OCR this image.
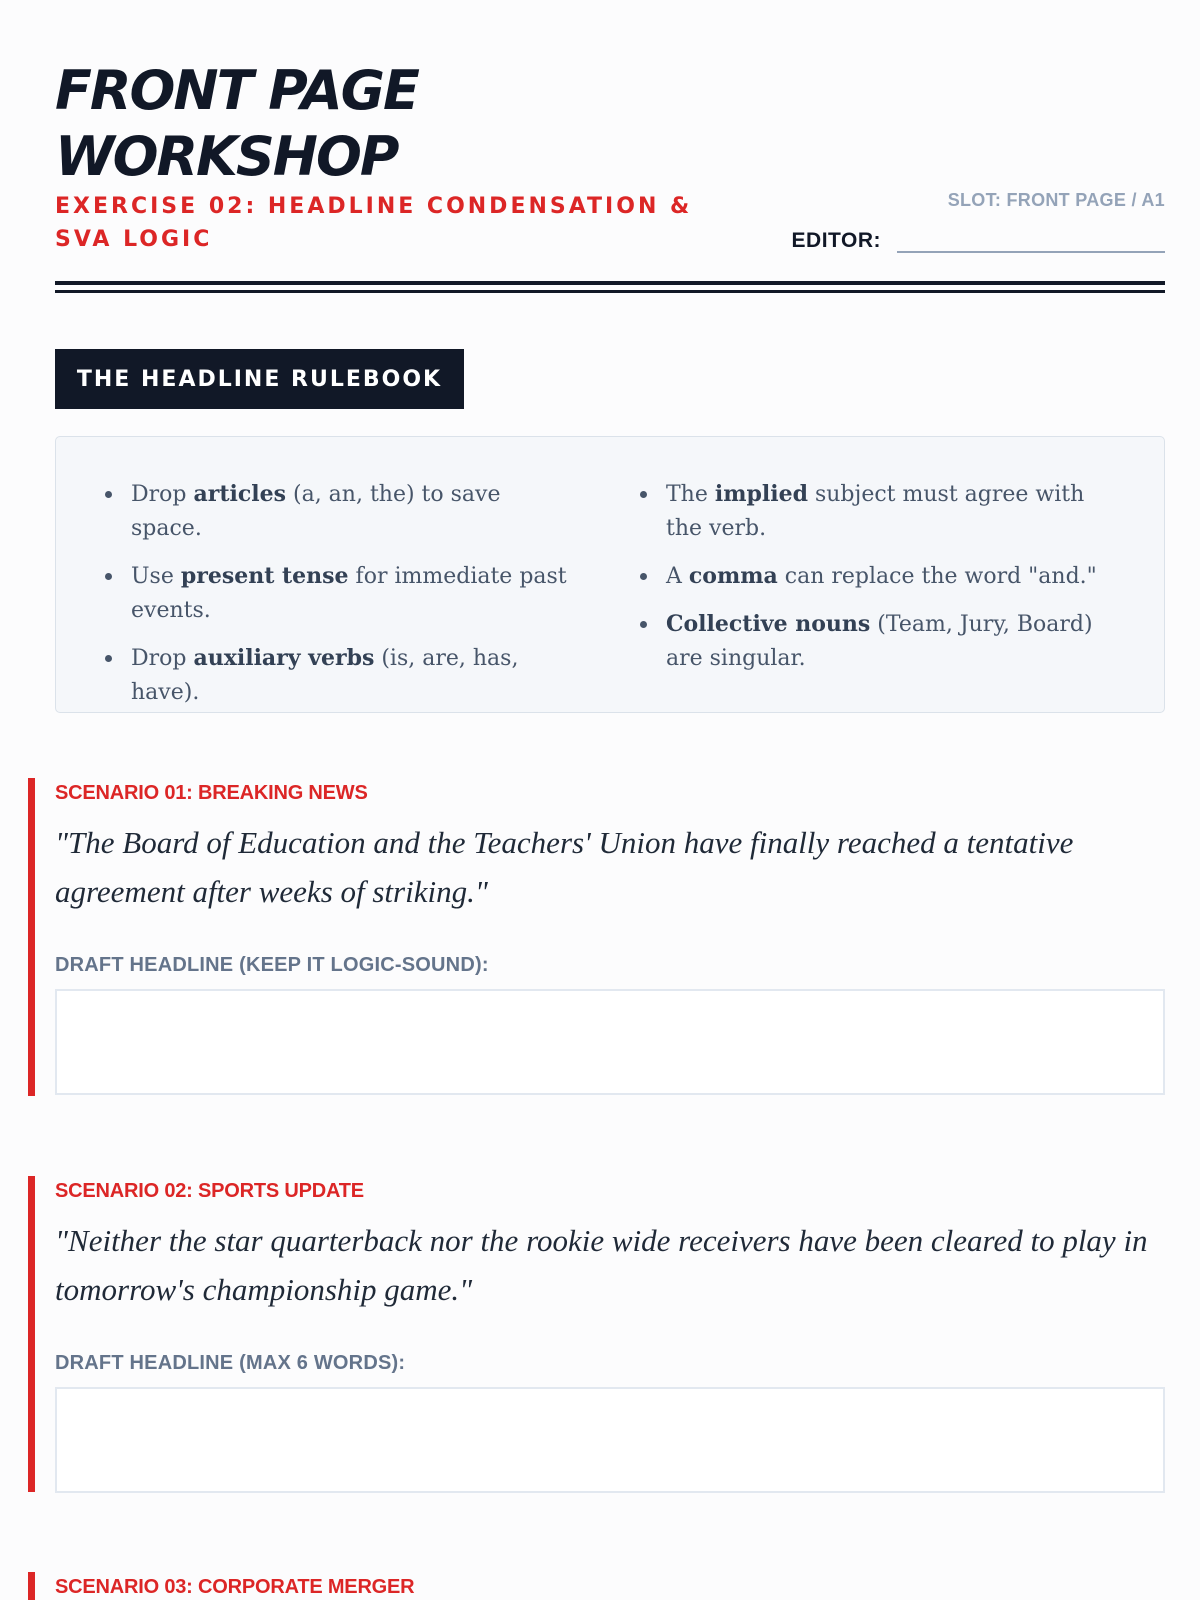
FRONT PAGE
WORKSHOP
EXERCISE 02: HEADLINE CONDENSATION & SVA LOGIC
SLOT: FRONT PAGE / A1
EDITOR:
THE HEADLINE RULEBOOK
Drop articles (a, an, the) to save space.
Use present tense for immediate past events.
Drop auxiliary verbs (is, are, has, have).
The implied subject must agree with the verb.
A comma can replace the word "and."
Collective nouns (Team, Jury, Board) are singular.
SCENARIO 01: BREAKING NEWS

"The Board of Education and the Teachers' Union have finally reached a tentative agreement after weeks of striking."

DRAFT HEADLINE (KEEP IT LOGIC-SOUND):
SCENARIO 02: SPORTS UPDATE

"Neither the star quarterback nor the rookie wide receivers have been cleared to play in tomorrow's championship game."

DRAFT HEADLINE (MAX 6 WORDS):
SCENARIO 03: CORPORATE MERGER
